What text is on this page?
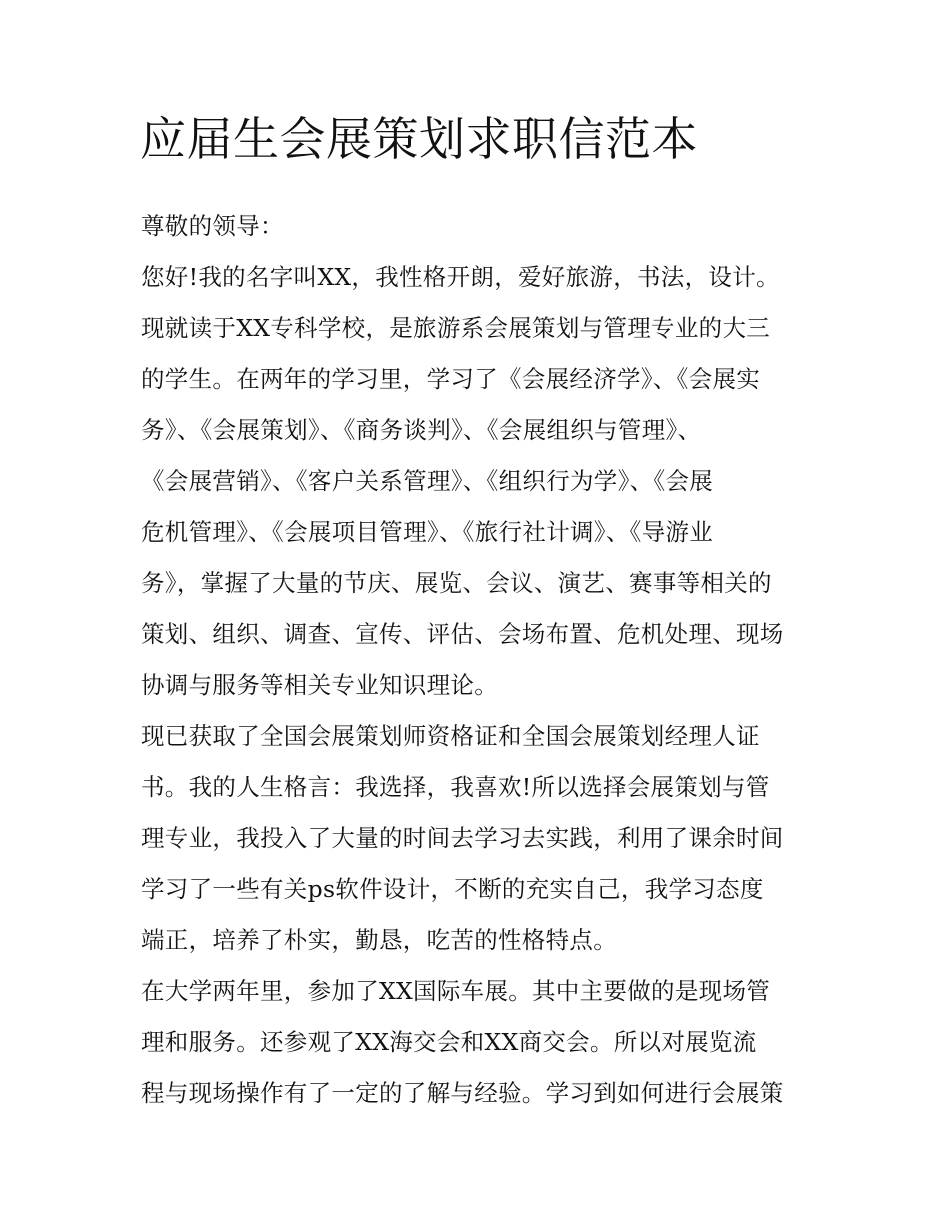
应届生会展策划求职信范本
尊敬的领导：
您好!我的名字叫XX，我性格开朗，爱好旅游，书法，设计。
现就读于XX专科学校，是旅游系会展策划与管理专业的大三
的学生。在两年的学习里，学习了《会展经济学》、《会展实
务》、《会展策划》、《商务谈判》、《会展组织与管理》、
《会展营销》、《客户关系管理》、《组织行为学》、《会展
危机管理》、《会展项目管理》、《旅行社计调》、《导游业
务》，掌握了大量的节庆、展览、会议、演艺、赛事等相关的
策划、组织、调查、宣传、评估、会场布置、危机处理、现场
协调与服务等相关专业知识理论。
现已获取了全国会展策划师资格证和全国会展策划经理人证
书。我的人生格言：我选择，我喜欢!所以选择会展策划与管
理专业，我投入了大量的时间去学习去实践，利用了课余时间
学习了一些有关ps软件设计，不断的充实自己，我学习态度
端正，培养了朴实，勤恳，吃苦的性格特点。
在大学两年里，参加了XX国际车展。其中主要做的是现场管
理和服务。还参观了XX海交会和XX商交会。所以对展览流
程与现场操作有了一定的了解与经验。学习到如何进行会展策
